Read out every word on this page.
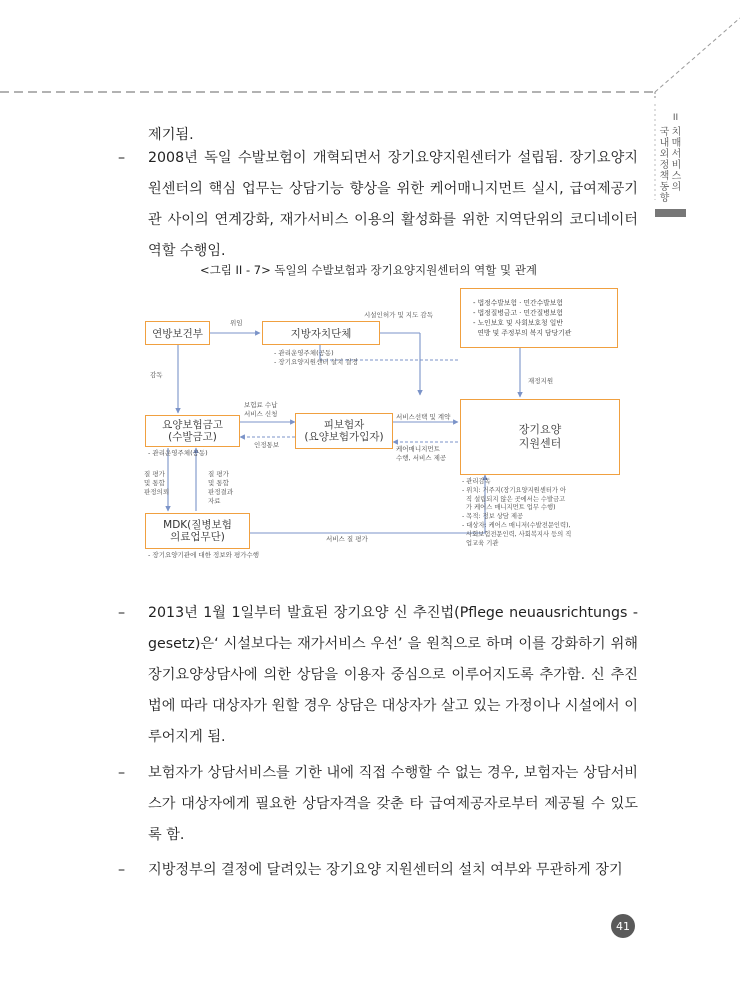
II
치매서비스의
국내외정책동향
제기됨.
–	2008년 독일 수발보험이 개혁되면서 장기요양지원센터가 설립됨. 장기요양지원센터의 핵심 업무는 상담기능 향상을 위한 케어매니지먼트 실시, 급여제공기관 사이의 연계강화, 재가서비스 이용의 활성화를 위한 지역단위의 코디네이터 역할 수행임.
<그림 II - 7> 독일의 수발보험과 장기요양지원센터의 역할 및 관계
연방보건부	지방자치단체
- 법정수발보험 · 민간수발보험
- 법정질병금고 · 민간질병보험
- 노인보호 및 사회보호청 일반
연방 및 주정부의 복지 담당기관
요양보험금고
(수발금고)
피보험자
(요양보험가입자)
장기요양
지원센터
MDK(질병보험
의료업무단)
위임
감독
시설인허가 및 지도 감독
- 관리운영주체(공동)
- 장기요양지원센터 설치 결정
재정지원
- 관리운영주체(공동)
보험료 수납
서비스 신청
인정통보
서비스선택 및 계약
케어매니지먼트
수행, 서비스 제공
질 평가
및 통합
판정의뢰
질 평가
및 통합
판정결과
자료
서비스 질 평가
- 장기요양기관에 대한 정보와 평가수행
- 관리감독
- 위치: 거주지(장기요양지원센터가 아
직 설립되지 않은 곳에서는 수발금고
가 케어스 매니지먼트 업무 수행)
- 목적: 정보 상담 제공
- 대상자: 케어스 매니저(수발전문인력),
사회보험전문인력, 사회복지사 등의 직
업교육 기관
–	2013년 1월 1일부터 발효된 장기요양 신 추진법(Pflege neuausrichtungs - gesetz)은‘ 시설보다는 재가서비스 우선’ 을 원칙으로 하며 이를 강화하기 위해 장기요양상담사에 의한 상담을 이용자 중심으로 이루어지도록 추가함. 신 추진법에 따라 대상자가 원할 경우 상담은 대상자가 살고 있는 가정이나 시설에서 이루어지게 됨.
–	보험자가 상담서비스를 기한 내에 직접 수행할 수 없는 경우, 보험자는 상담서비스가 대상자에게 필요한 상담자격을 갖춘 타 급여제공자로부터 제공될 수 있도록 함.
–	지방정부의 결정에 달려있는 장기요양 지원센터의 설치 여부와 무관하게 장기
41
